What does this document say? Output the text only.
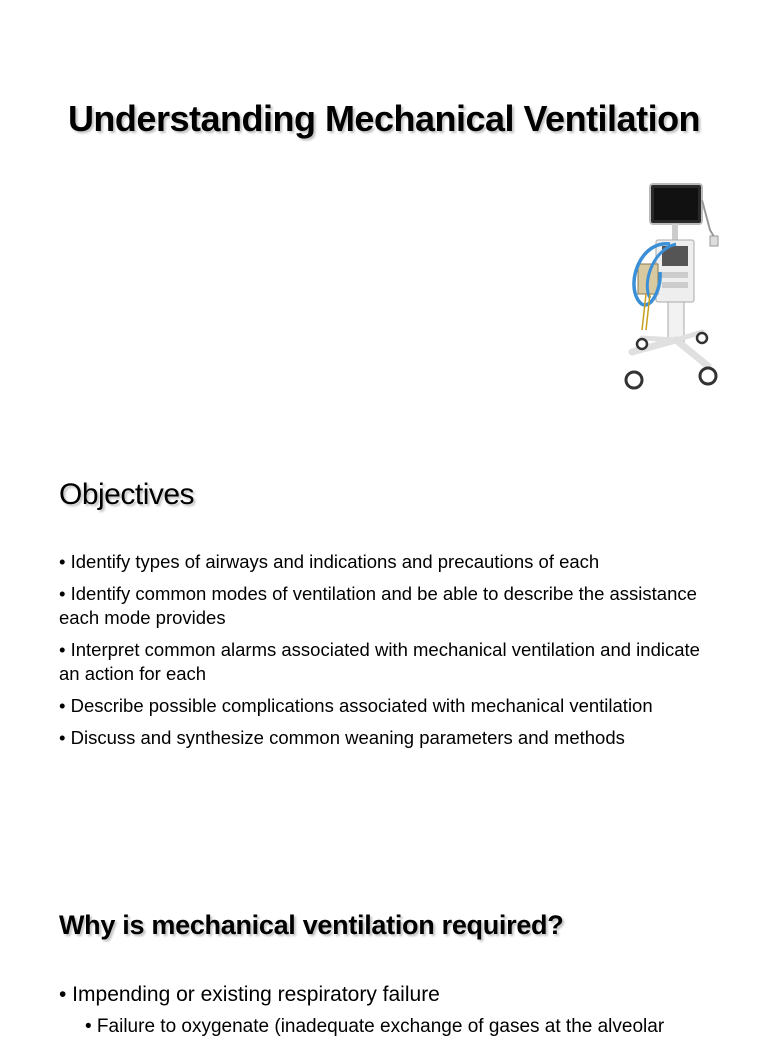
Understanding Mechanical Ventilation
Objectives
• Identify types of airways and indications and precautions of each
• Identify common modes of ventilation and be able to describe the assistance each mode provides
• Interpret common alarms associated with mechanical ventilation and indicate an action for each
• Describe possible complications associated with mechanical ventilation
• Discuss and synthesize common weaning parameters and methods
Why is mechanical ventilation required?
• Impending or existing respiratory failure
• Failure to oxygenate (inadequate exchange of gases at the alveolar
